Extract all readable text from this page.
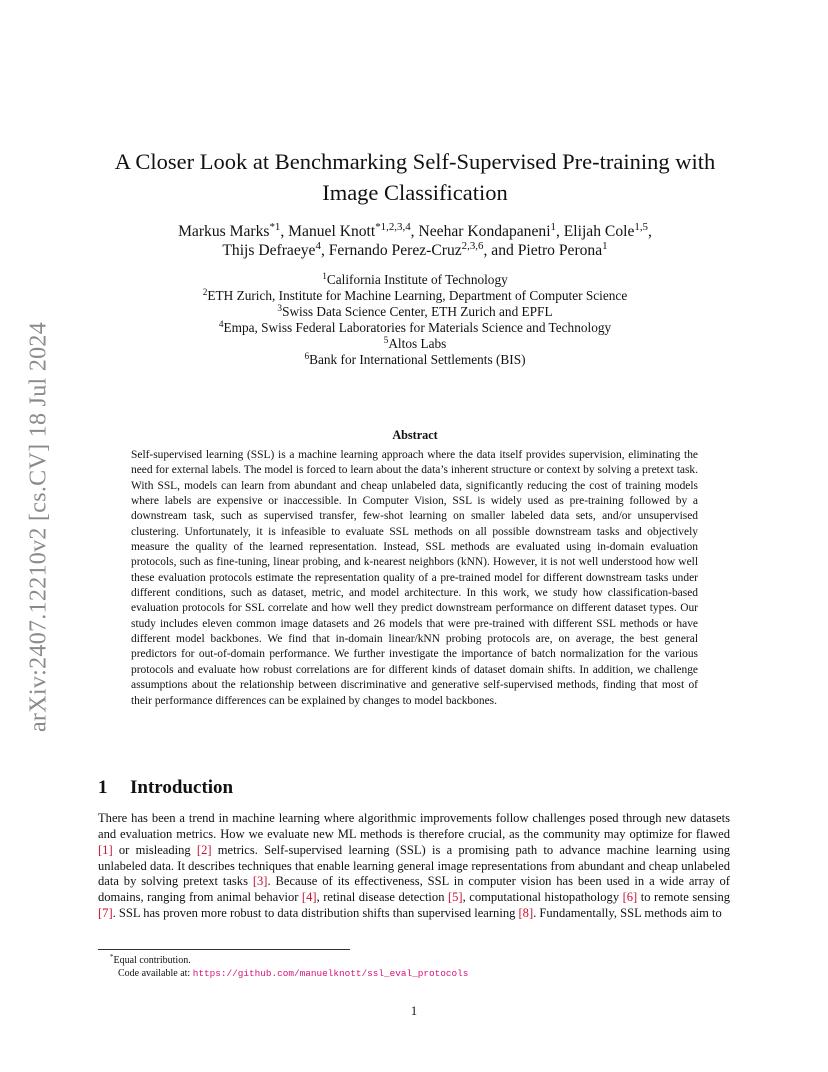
arXiv:2407.12210v2 [cs.CV] 18 Jul 2024
A Closer Look at Benchmarking Self-Supervised Pre-training with Image Classification
Markus Marks$^{*1}$, Manuel Knott$^{*1,2,3,4}$, Neehar Kondapaneni$^1$, Elijah Cole$^{1,5}$,
Thijs Defraeye$^4$, Fernando Perez-Cruz$^{2,3,6}$, and Pietro Perona$^1$
$^1$California Institute of Technology
$^2$ETH Zurich, Institute for Machine Learning, Department of Computer Science
$^3$Swiss Data Science Center, ETH Zurich and EPFL
$^4$Empa, Swiss Federal Laboratories for Materials Science and Technology
$^5$Altos Labs
$^6$Bank for International Settlements (BIS)
Abstract
Self-supervised learning (SSL) is a machine learning approach where the data itself provides supervision, eliminating the need for external labels. The model is forced to learn about the data’s inherent structure or context by solving a pretext task. With SSL, models can learn from abundant and cheap unlabeled data, significantly reducing the cost of training models where labels are expensive or inaccessible. In Computer Vision, SSL is widely used as pre-training followed by a downstream task, such as supervised transfer, few-shot learning on smaller labeled data sets, and/or unsupervised clustering. Unfortunately, it is infeasible to evaluate SSL methods on all possible downstream tasks and objectively measure the quality of the learned representation. Instead, SSL methods are evaluated using in-domain evaluation protocols, such as fine-tuning, linear probing, and k-nearest neighbors (kNN). However, it is not well understood how well these evaluation protocols estimate the representation quality of a pre-trained model for different downstream tasks under different conditions, such as dataset, metric, and model architecture. In this work, we study how classification-based evaluation protocols for SSL correlate and how well they predict downstream performance on different dataset types. Our study includes eleven common image datasets and 26 models that were pre-trained with different SSL methods or have different model backbones. We find that in-domain linear/kNN probing protocols are, on average, the best general predictors for out-of-domain performance. We further investigate the importance of batch normalization for the various protocols and evaluate how robust correlations are for different kinds of dataset domain shifts. In addition, we challenge assumptions about the relationship between discriminative and generative self-supervised methods, finding that most of their performance differences can be explained by changes to model backbones.
1 Introduction
There has been a trend in machine learning where algorithmic improvements follow challenges posed through new datasets and evaluation metrics. How we evaluate new ML methods is therefore crucial, as the community may optimize for flawed [1] or misleading [2] metrics. Self-supervised learning (SSL) is a promising path to advance machine learning using unlabeled data. It describes techniques that enable learning general image representations from abundant and cheap unlabeled data by solving pretext tasks [3]. Because of its effectiveness, SSL in computer vision has been used in a wide array of domains, ranging from animal behavior [4], retinal disease detection [5], computational histopathology [6] to remote sensing [7]. SSL has proven more robust to data distribution shifts than supervised learning [8]. Fundamentally, SSL methods aim to
*Equal contribution.
Code available at: https://github.com/manuelknott/ssl_eval_protocols
1
